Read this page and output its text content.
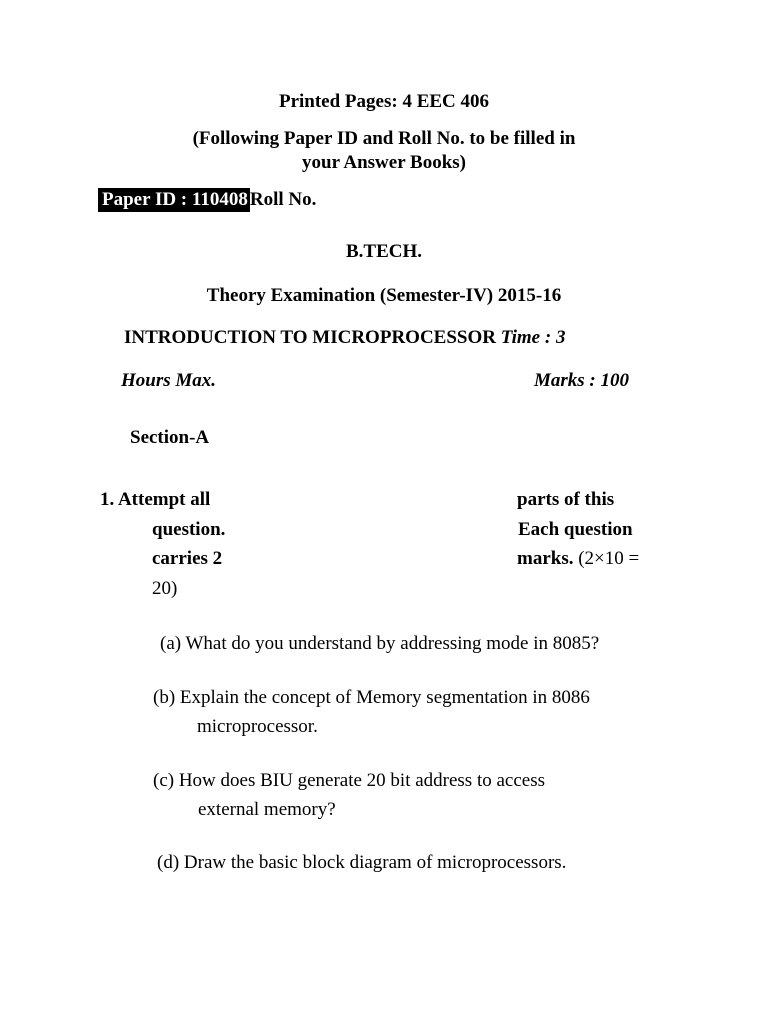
Printed Pages: 4 EEC 406
(Following Paper ID and Roll No. to be filled in
your Answer Books)
Paper ID : 110408 Roll No.
B.TECH.
Theory Examination (Semester-IV) 2015-16
INTRODUCTION TO MICROPROCESSOR Time : 3
Hours Max.	Marks : 100
Section-A
1. Attempt all	parts of this
question.	Each question
carries 2	marks. (2×10 =
20)
(a) What do you understand by addressing mode in 8085?
(b) Explain the concept of Memory segmentation in 8086
microprocessor.
(c) How does BIU generate 20 bit address to access
external memory?
(d) Draw the basic block diagram of microprocessors.
